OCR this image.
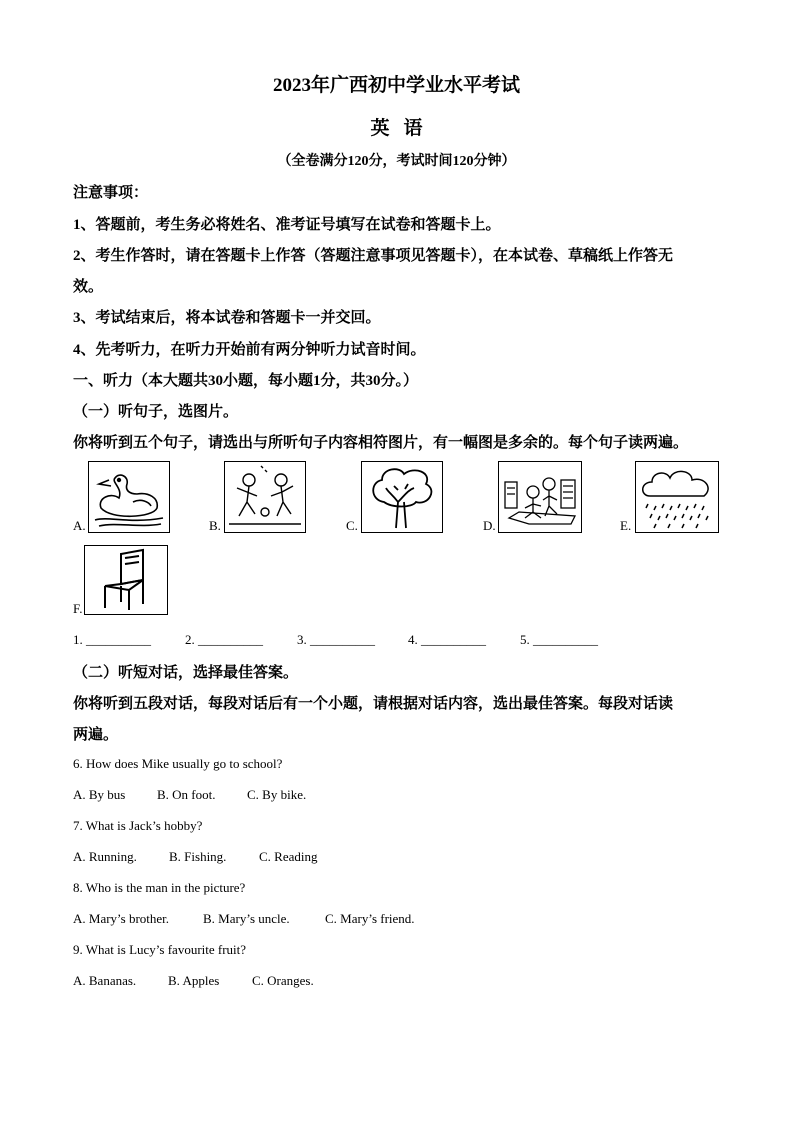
2023年广西初中学业水平考试
英语
（全卷满分120分，考试时间120分钟）
注意事项：
1、答题前，考生务必将姓名、准考证号填写在试卷和答题卡上。
2、考生作答时，请在答题卡上作答（答题注意事项见答题卡），在本试卷、草稿纸上作答无
效。
3、考试结束后，将本试卷和答题卡一并交回。
4、先考听力，在听力开始前有两分钟听力试音时间。
一、听力（本大题共30小题，每小题1分，共30分。）
（一）听句子，选图片。
你将听到五个句子，请选出与所听句子内容相符图片，有一幅图是多余的。每个句子读两遍。
A.	B.	C.	D.	E.
F.
1. __________	2. __________	3. __________	4. __________	5. __________
（二）听短对话，选择最佳答案。
你将听到五段对话，每段对话后有一个小题，请根据对话内容，选出最佳答案。每段对话读
两遍。
6. How does Mike usually go to school?
A. By bus B. On foot. C. By bike.
7. What is Jack’s hobby?
A. Running. B. Fishing.	C. Reading
8. Who is the man in the picture?
A. Mary’s brother.	B. Mary’s uncle.	C. Mary’s friend.
9. What is Lucy’s favourite fruit?
A. Bananas. B. Apples	C. Oranges.
